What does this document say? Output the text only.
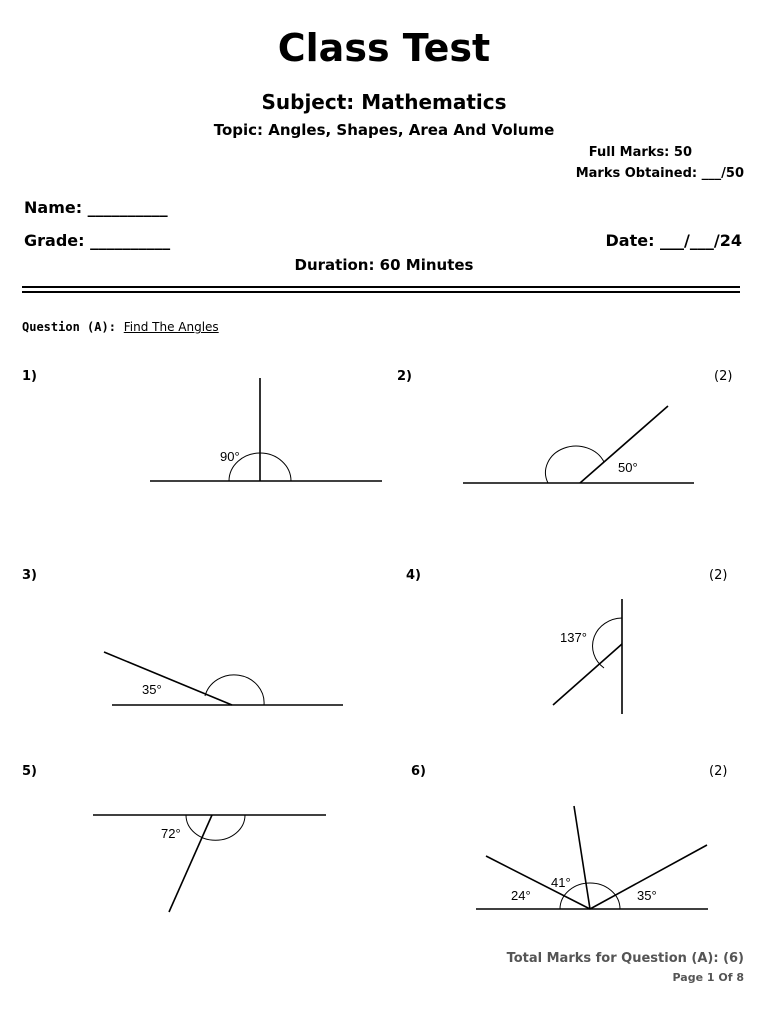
Class Test
Subject: Mathematics
Topic: Angles, Shapes, Area And Volume
Full Marks: 50
Marks Obtained: ___/50
Name: __________
Grade: __________	Date: ___/___/24
Duration: 60 Minutes
Question (A): Find The Angles
1)	2)	(2)
3)	4)	(2)
5)	6)	(2)
90°
50°
35°
137°
72°
24°
41°
35°
Total Marks for Question (A): (6)
Page 1 Of 8
